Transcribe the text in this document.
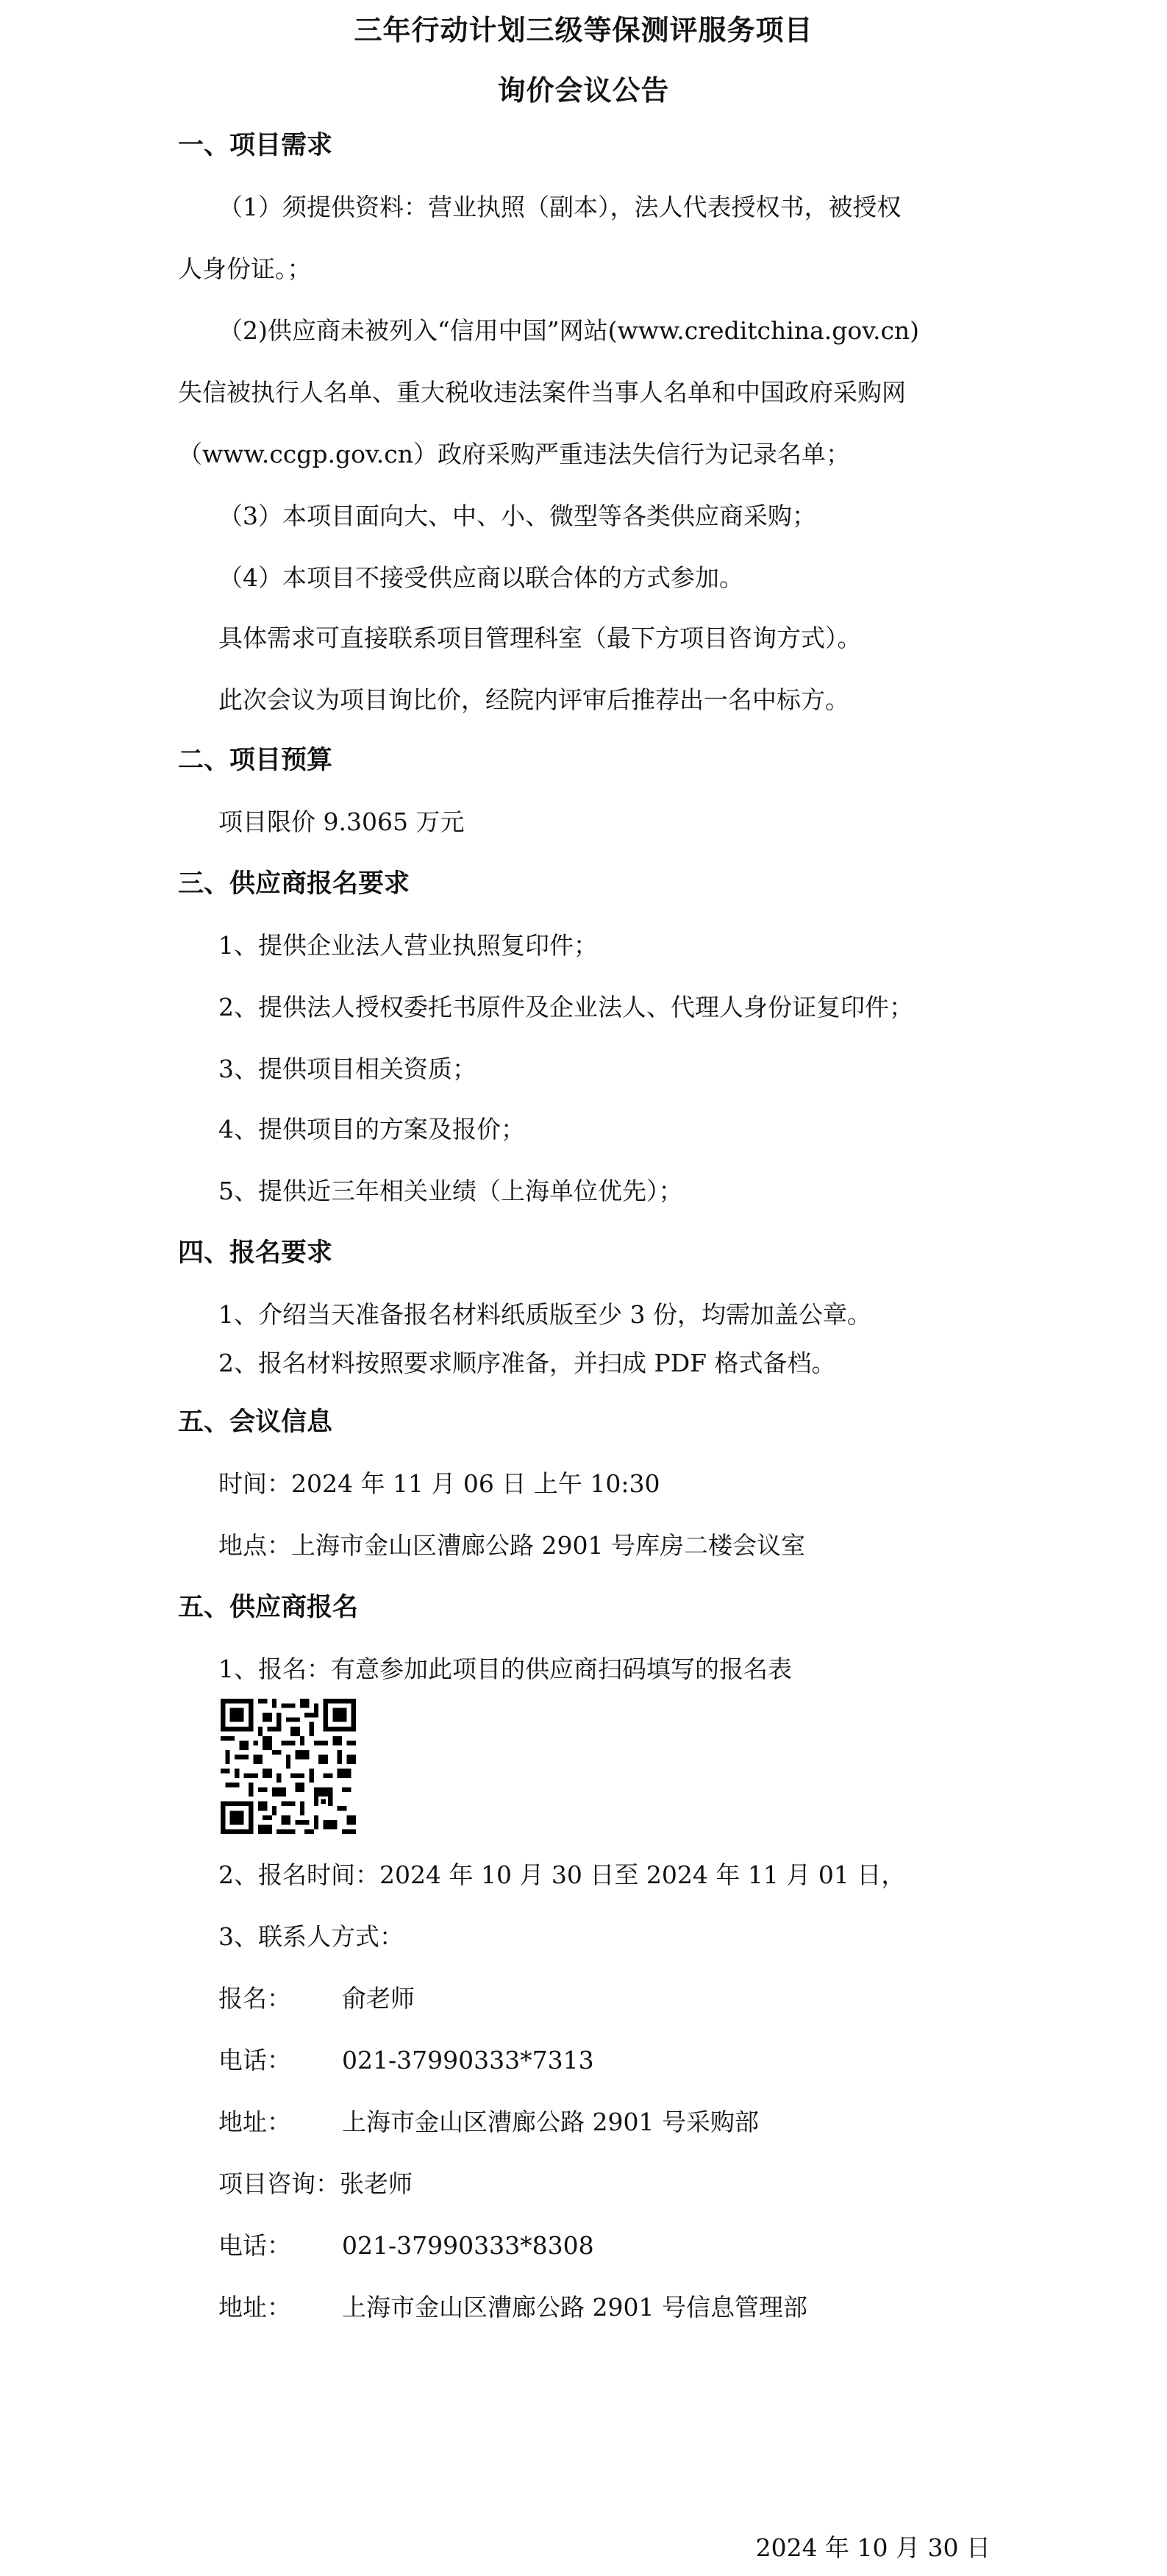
三年行动计划三级等保测评服务项目
询价会议公告
一、项目需求
（1）须提供资料：营业执照（副本），法人代表授权书，被授权
人身份证。；
（2)供应商未被列入“信用中国”网站(www.creditchina.gov.cn)
失信被执行人名单、重大税收违法案件当事人名单和中国政府采购网
（www.ccgp.gov.cn）政府采购严重违法失信行为记录名单；
（3）本项目面向大、中、小、微型等各类供应商采购；
（4）本项目不接受供应商以联合体的方式参加。
具体需求可直接联系项目管理科室（最下方项目咨询方式）。
此次会议为项目询比价，经院内评审后推荐出一名中标方。
二、项目预算
项目限价 9.3065 万元
三、供应商报名要求
1、提供企业法人营业执照复印件；
2、提供法人授权委托书原件及企业法人、代理人身份证复印件；
3、提供项目相关资质；
4、提供项目的方案及报价；
5、提供近三年相关业绩（上海单位优先）；
四、报名要求
1、介绍当天准备报名材料纸质版至少 3 份，均需加盖公章。
2、报名材料按照要求顺序准备，并扫成 PDF 格式备档。
五、会议信息
时间：2024 年 11 月 06 日 上午 10:30
地点：上海市金山区漕廊公路 2901 号库房二楼会议室
五、供应商报名
1、报名：有意参加此项目的供应商扫码填写的报名表
2、报名时间：2024 年 10 月 30 日至 2024 年 11 月 01 日，
3、联系人方式：
报名： 俞老师
电话： 021-37990333*7313
地址： 上海市金山区漕廊公路 2901 号采购部
项目咨询：张老师
电话： 021-37990333*8308
地址： 上海市金山区漕廊公路 2901 号信息管理部
2024 年 10 月 30 日
